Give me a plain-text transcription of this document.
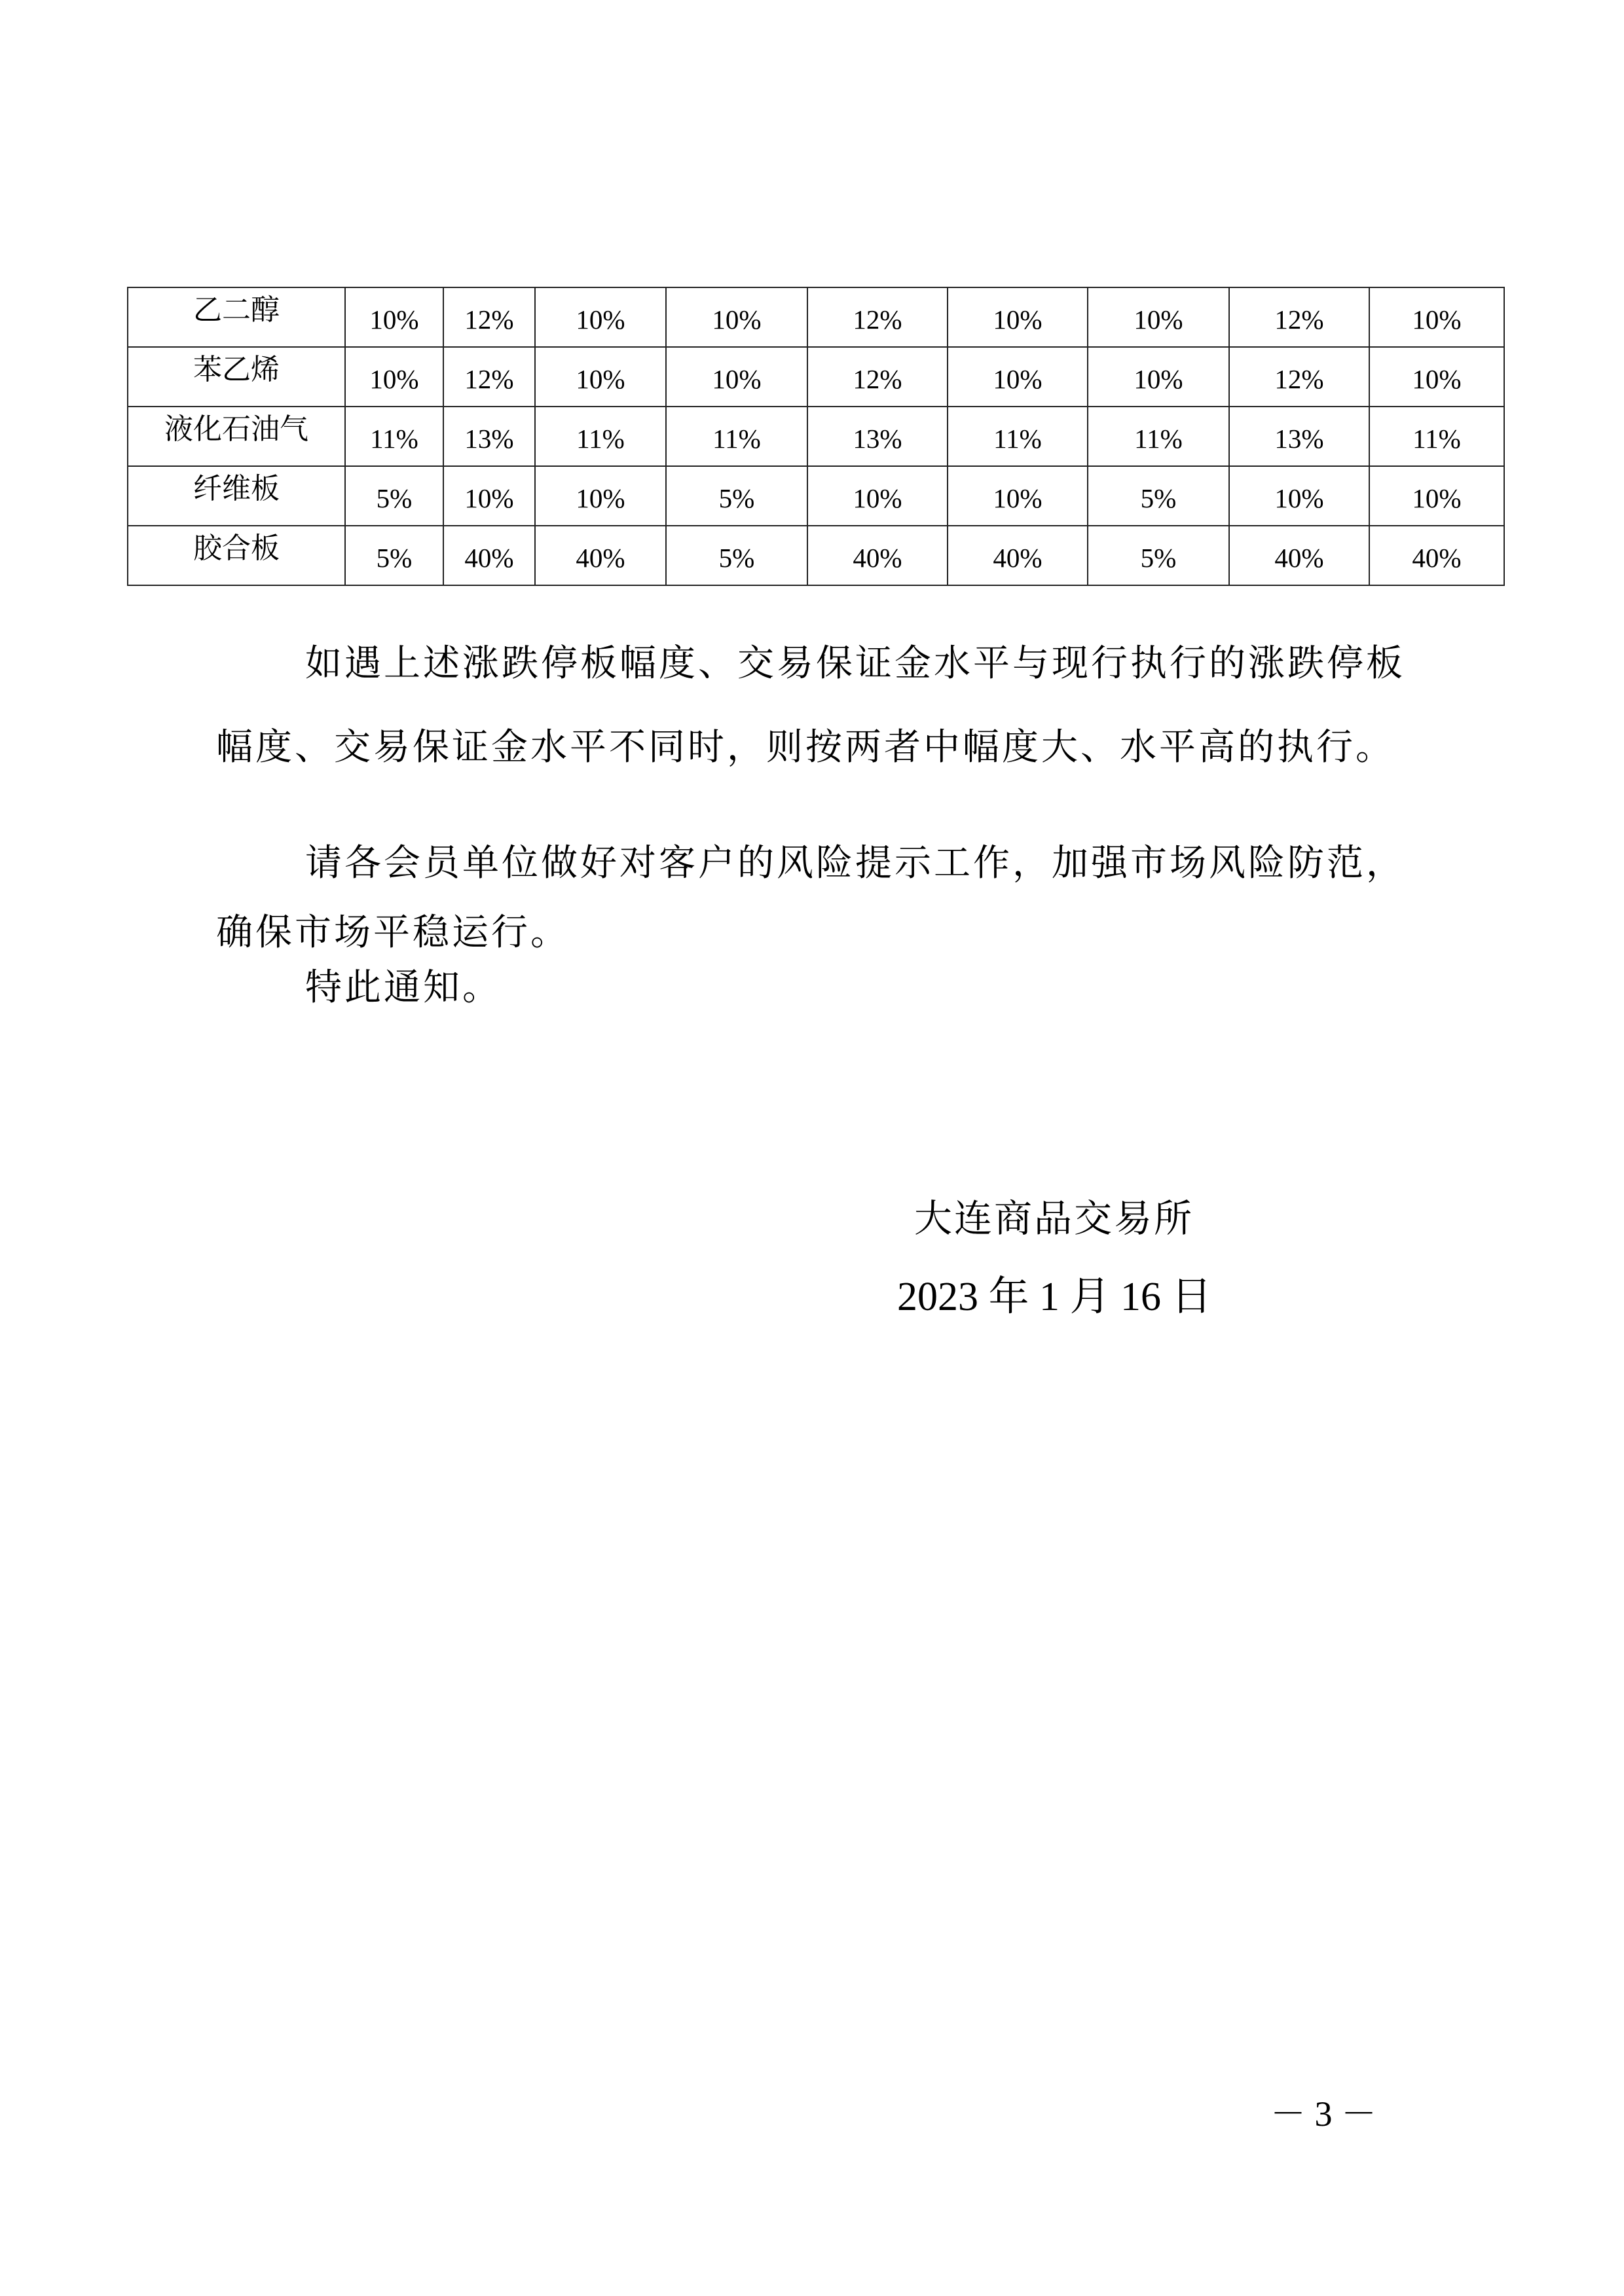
乙二醇	10%	12%	10%	10%	12%	10%	10%	12%	10%
苯乙烯	10%	12%	10%	10%	12%	10%	10%	12%	10%
液化石油气	11%	13%	11%	11%	13%	11%	11%	13%	11%
纤维板	5%	10%	10%	5%	10%	10%	5%	10%	10%
胶合板	5%	40%	40%	5%	40%	40%	5%	40%	40%

如遇上述涨跌停板幅度、交易保证金水平与现行执行的涨跌停板幅度、交易保证金水平不同时，则按两者中幅度大、水平高的执行。

请各会员单位做好对客户的风险提示工作，加强市场风险防范，确保市场平稳运行。

特此通知。

大连商品交易所
2023 年 1 月 16 日
－ 3 －
